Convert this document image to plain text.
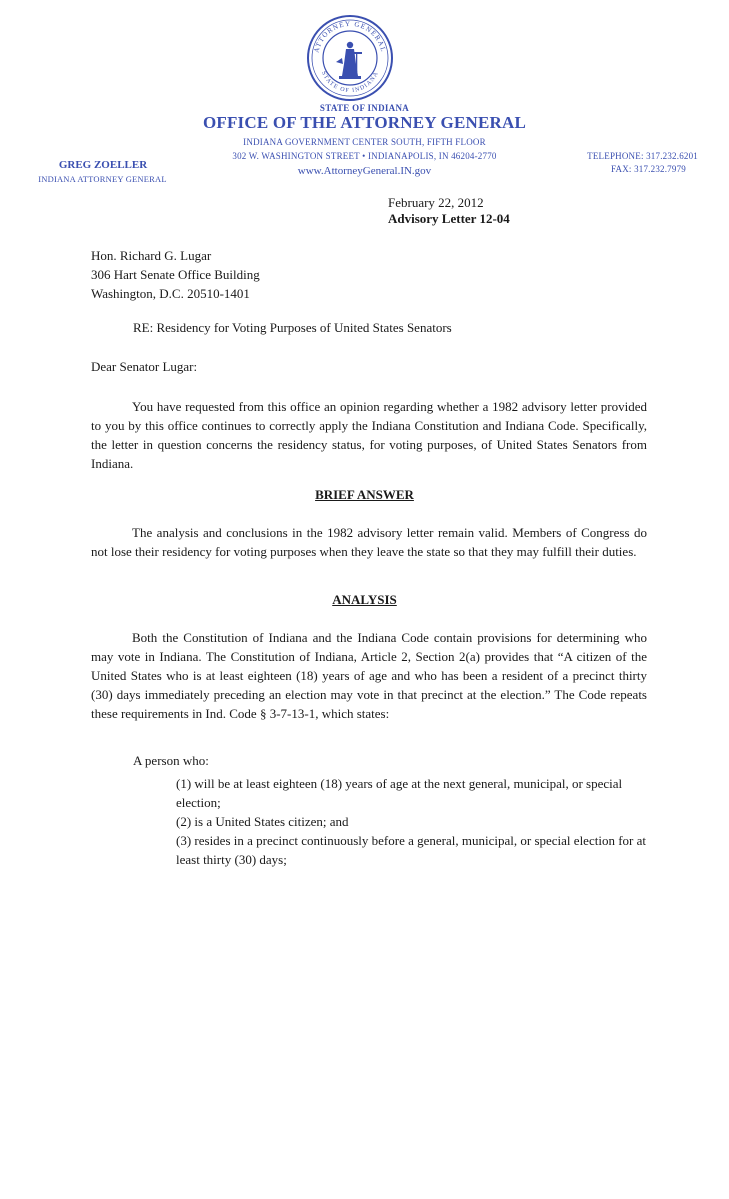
ATTORNEY GENERAL
STATE OF INDIANA
STATE OF INDIANA
OFFICE OF THE ATTORNEY GENERAL
INDIANA GOVERNMENT CENTER SOUTH, FIFTH FLOOR
302 W. WASHINGTON STREET • INDIANAPOLIS, IN 46204-2770
www.AttorneyGeneral.IN.gov
GREG ZOELLER
INDIANA ATTORNEY GENERAL
TELEPHONE: 317.232.6201
FAX: 317.232.7979
February 22, 2012
Advisory Letter 12-04
Hon. Richard G. Lugar
306 Hart Senate Office Building
Washington, D.C. 20510-1401
RE: Residency for Voting Purposes of United States Senators
Dear Senator Lugar:
You have requested from this office an opinion regarding whether a 1982 advisory letter provided to you by this office continues to correctly apply the Indiana Constitution and Indiana Code. Specifically, the letter in question concerns the residency status, for voting purposes, of United States Senators from Indiana.
BRIEF ANSWER
The analysis and conclusions in the 1982 advisory letter remain valid. Members of Congress do not lose their residency for voting purposes when they leave the state so that they may fulfill their duties.
ANALYSIS
Both the Constitution of Indiana and the Indiana Code contain provisions for determining who may vote in Indiana. The Constitution of Indiana, Article 2, Section 2(a) provides that “A citizen of the United States who is at least eighteen (18) years of age and who has been a resident of a precinct thirty (30) days immediately preceding an election may vote in that precinct at the election.” The Code repeats these requirements in Ind. Code § 3-7-13-1, which states:
A person who:
(1) will be at least eighteen (18) years of age at the next general, municipal, or special election;
(2) is a United States citizen; and
(3) resides in a precinct continuously before a general, municipal, or special election for at least thirty (30) days;
